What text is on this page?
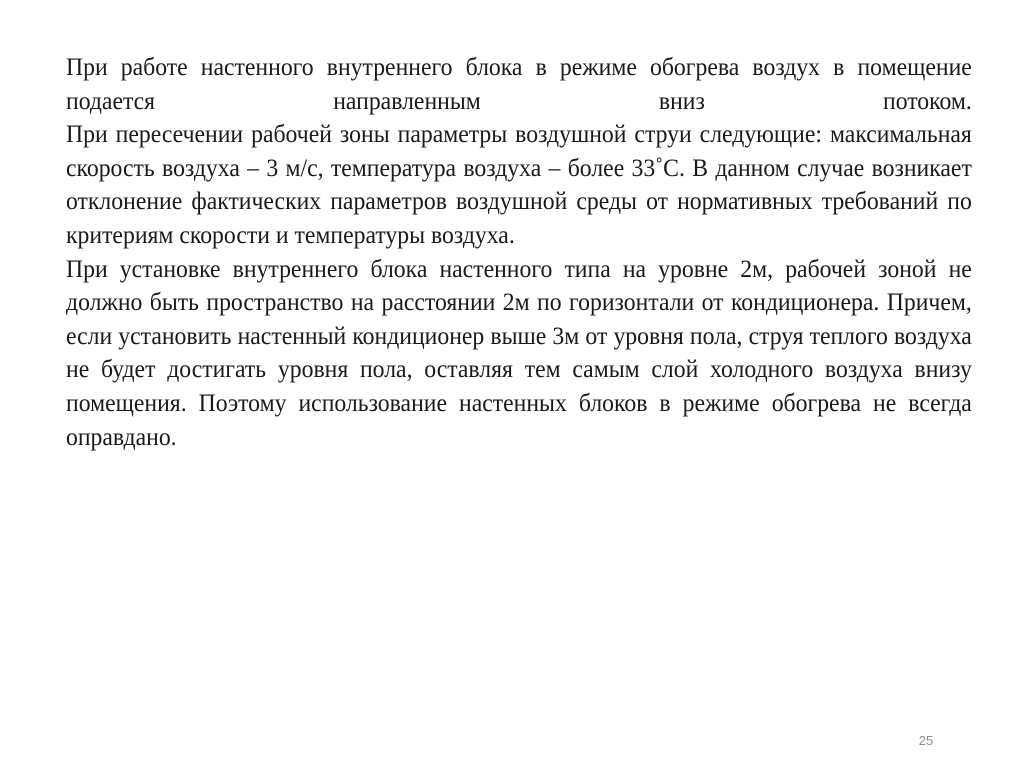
При работе настенного внутреннего блока в режиме обогрева воздух в помещение подается направленным вниз потоком.

При пересечении рабочей зоны параметры воздушной струи следующие: максимальная скорость воздуха – 3 м/с, температура воздуха – более 33˚С. В данном случае возникает отклонение фактических параметров воздушной среды от нормативных требований по критериям скорости и температуры воздуха.

При установке внутреннего блока настенного типа на уровне 2м, рабочей зоной не должно быть пространство на расстоянии 2м по горизонтали от кондиционера. Причем, если установить настенный кондиционер выше 3м от уровня пола, струя теплого воздуха не будет достигать уровня пола, оставляя тем самым слой холодного воздуха внизу помещения. Поэтому использование настенных блоков в режиме обогрева не всегда оправдано.

25
